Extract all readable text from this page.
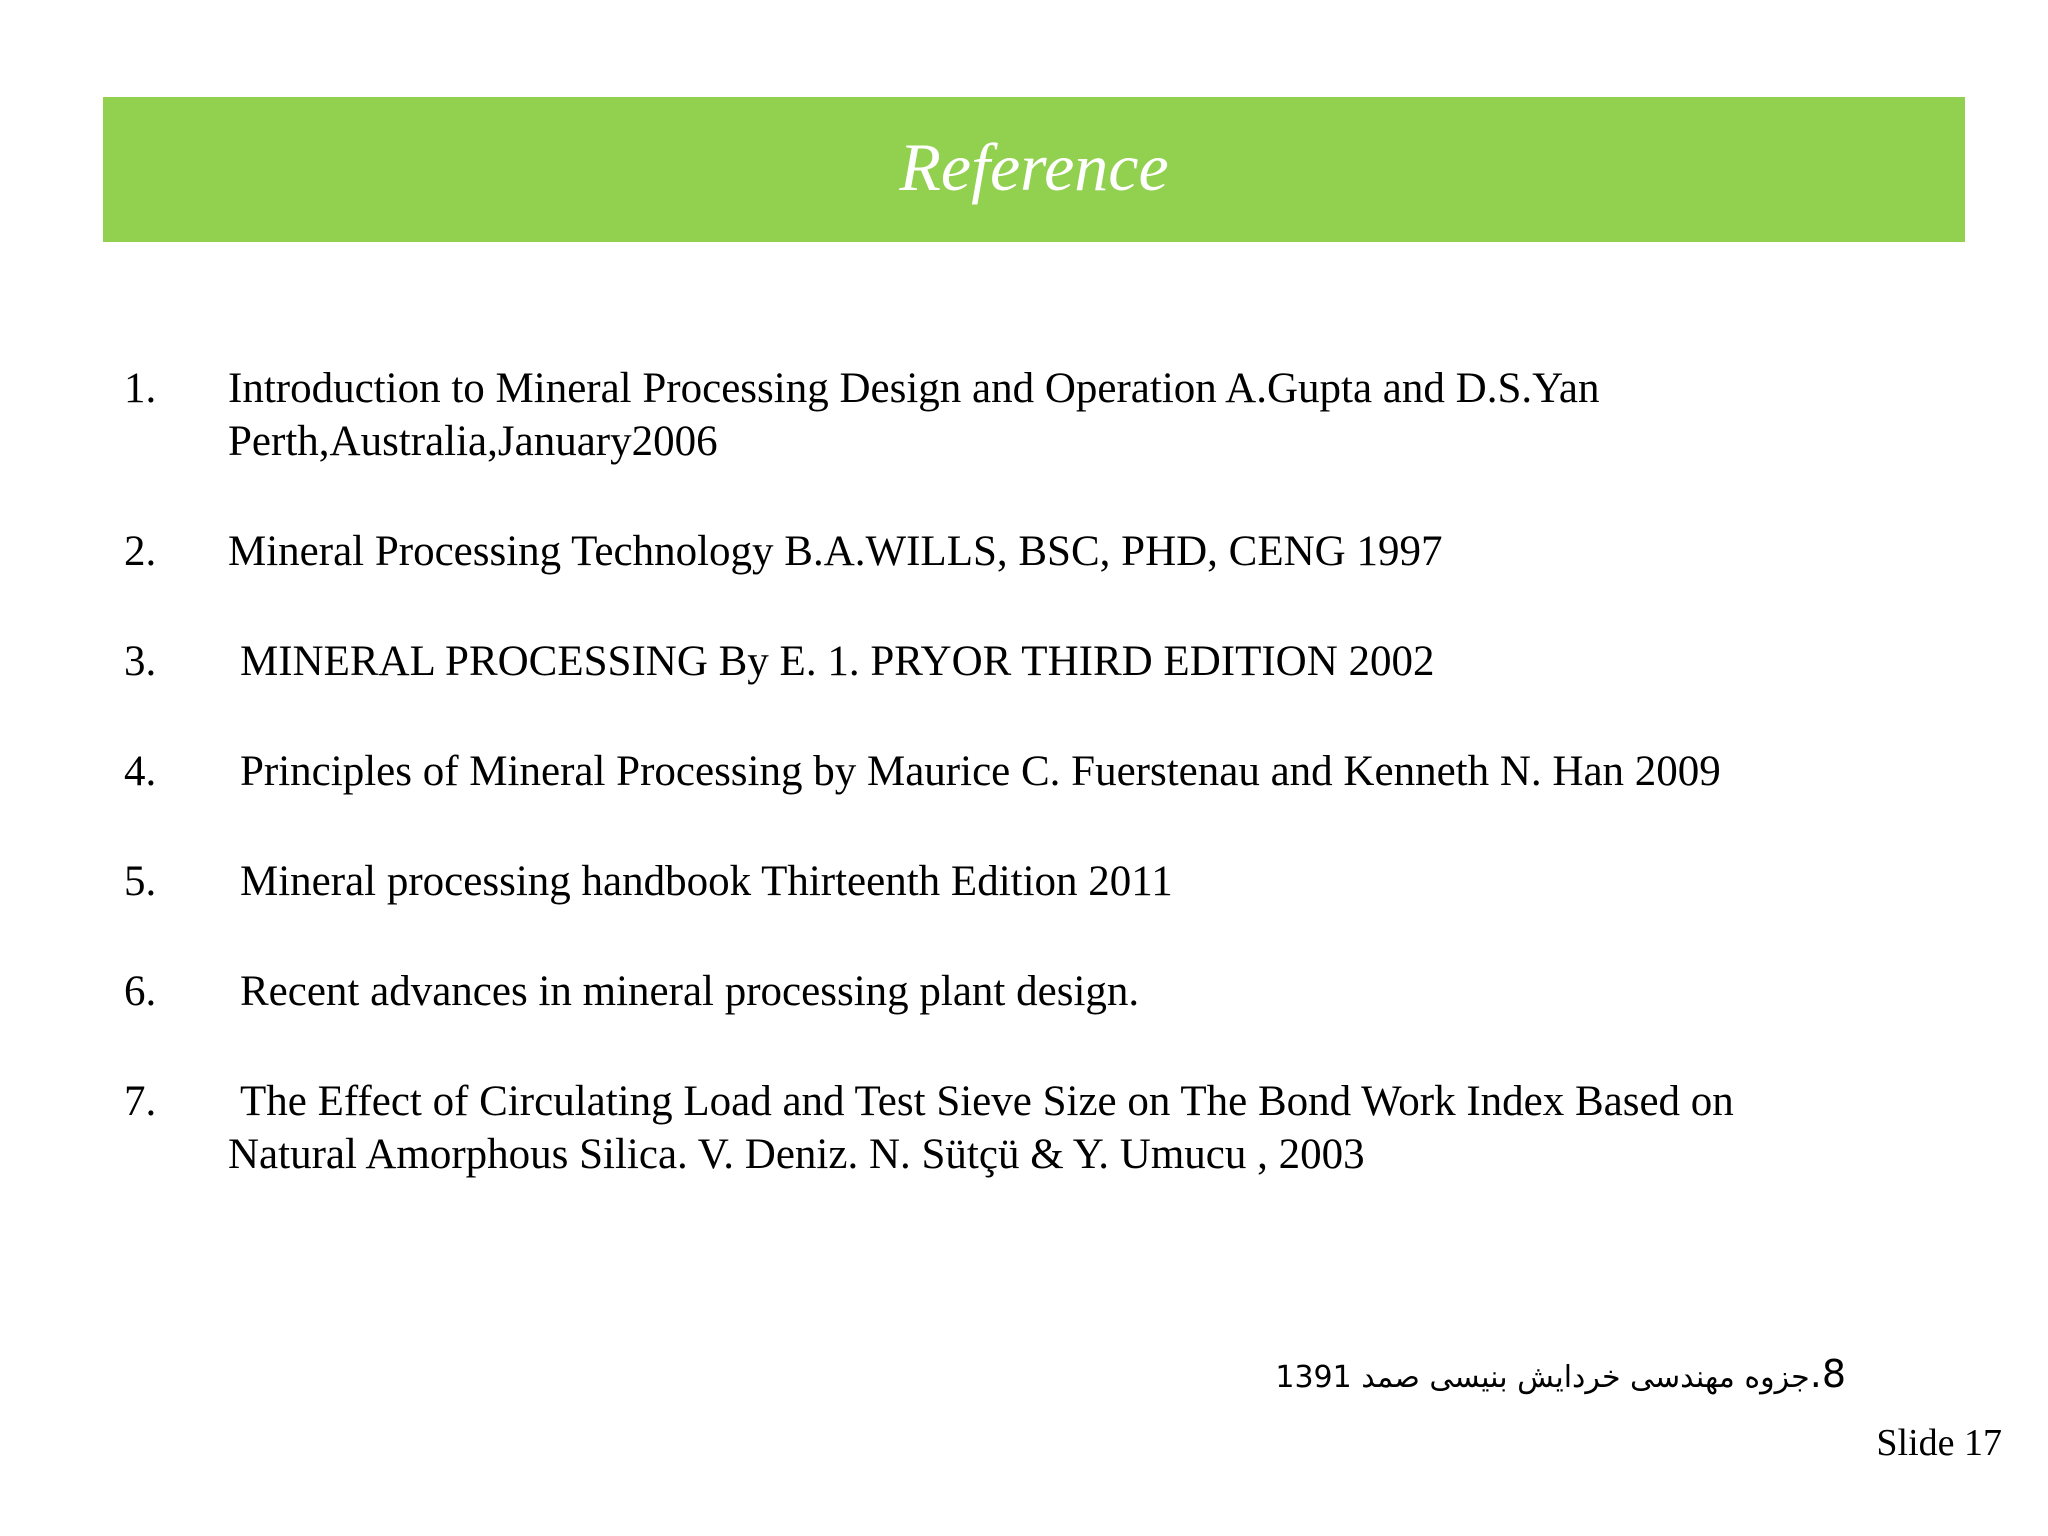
Reference
1. Introduction to Mineral Processing Design and Operation A.Gupta and D.S.Yan
Perth,Australia,January2006
2. Mineral Processing Technology B.A.WILLS, BSC, PHD, CENG 1997
3. MINERAL PROCESSING By E. 1. PRYOR THIRD EDITION 2002
4. Principles of Mineral Processing by Maurice C. Fuerstenau and Kenneth N. Han 2009
5. Mineral processing handbook Thirteenth Edition 2011
6. Recent advances in mineral processing plant design.
7. The Effect of Circulating Load and Test Sieve Size on The Bond Work Index Based on
Natural Amorphous Silica. V. Deniz. N. Sütçü & Y. Umucu , 2003
8.جزوه مهندسی خردایش بنیسی صمد 1391
Slide 17
